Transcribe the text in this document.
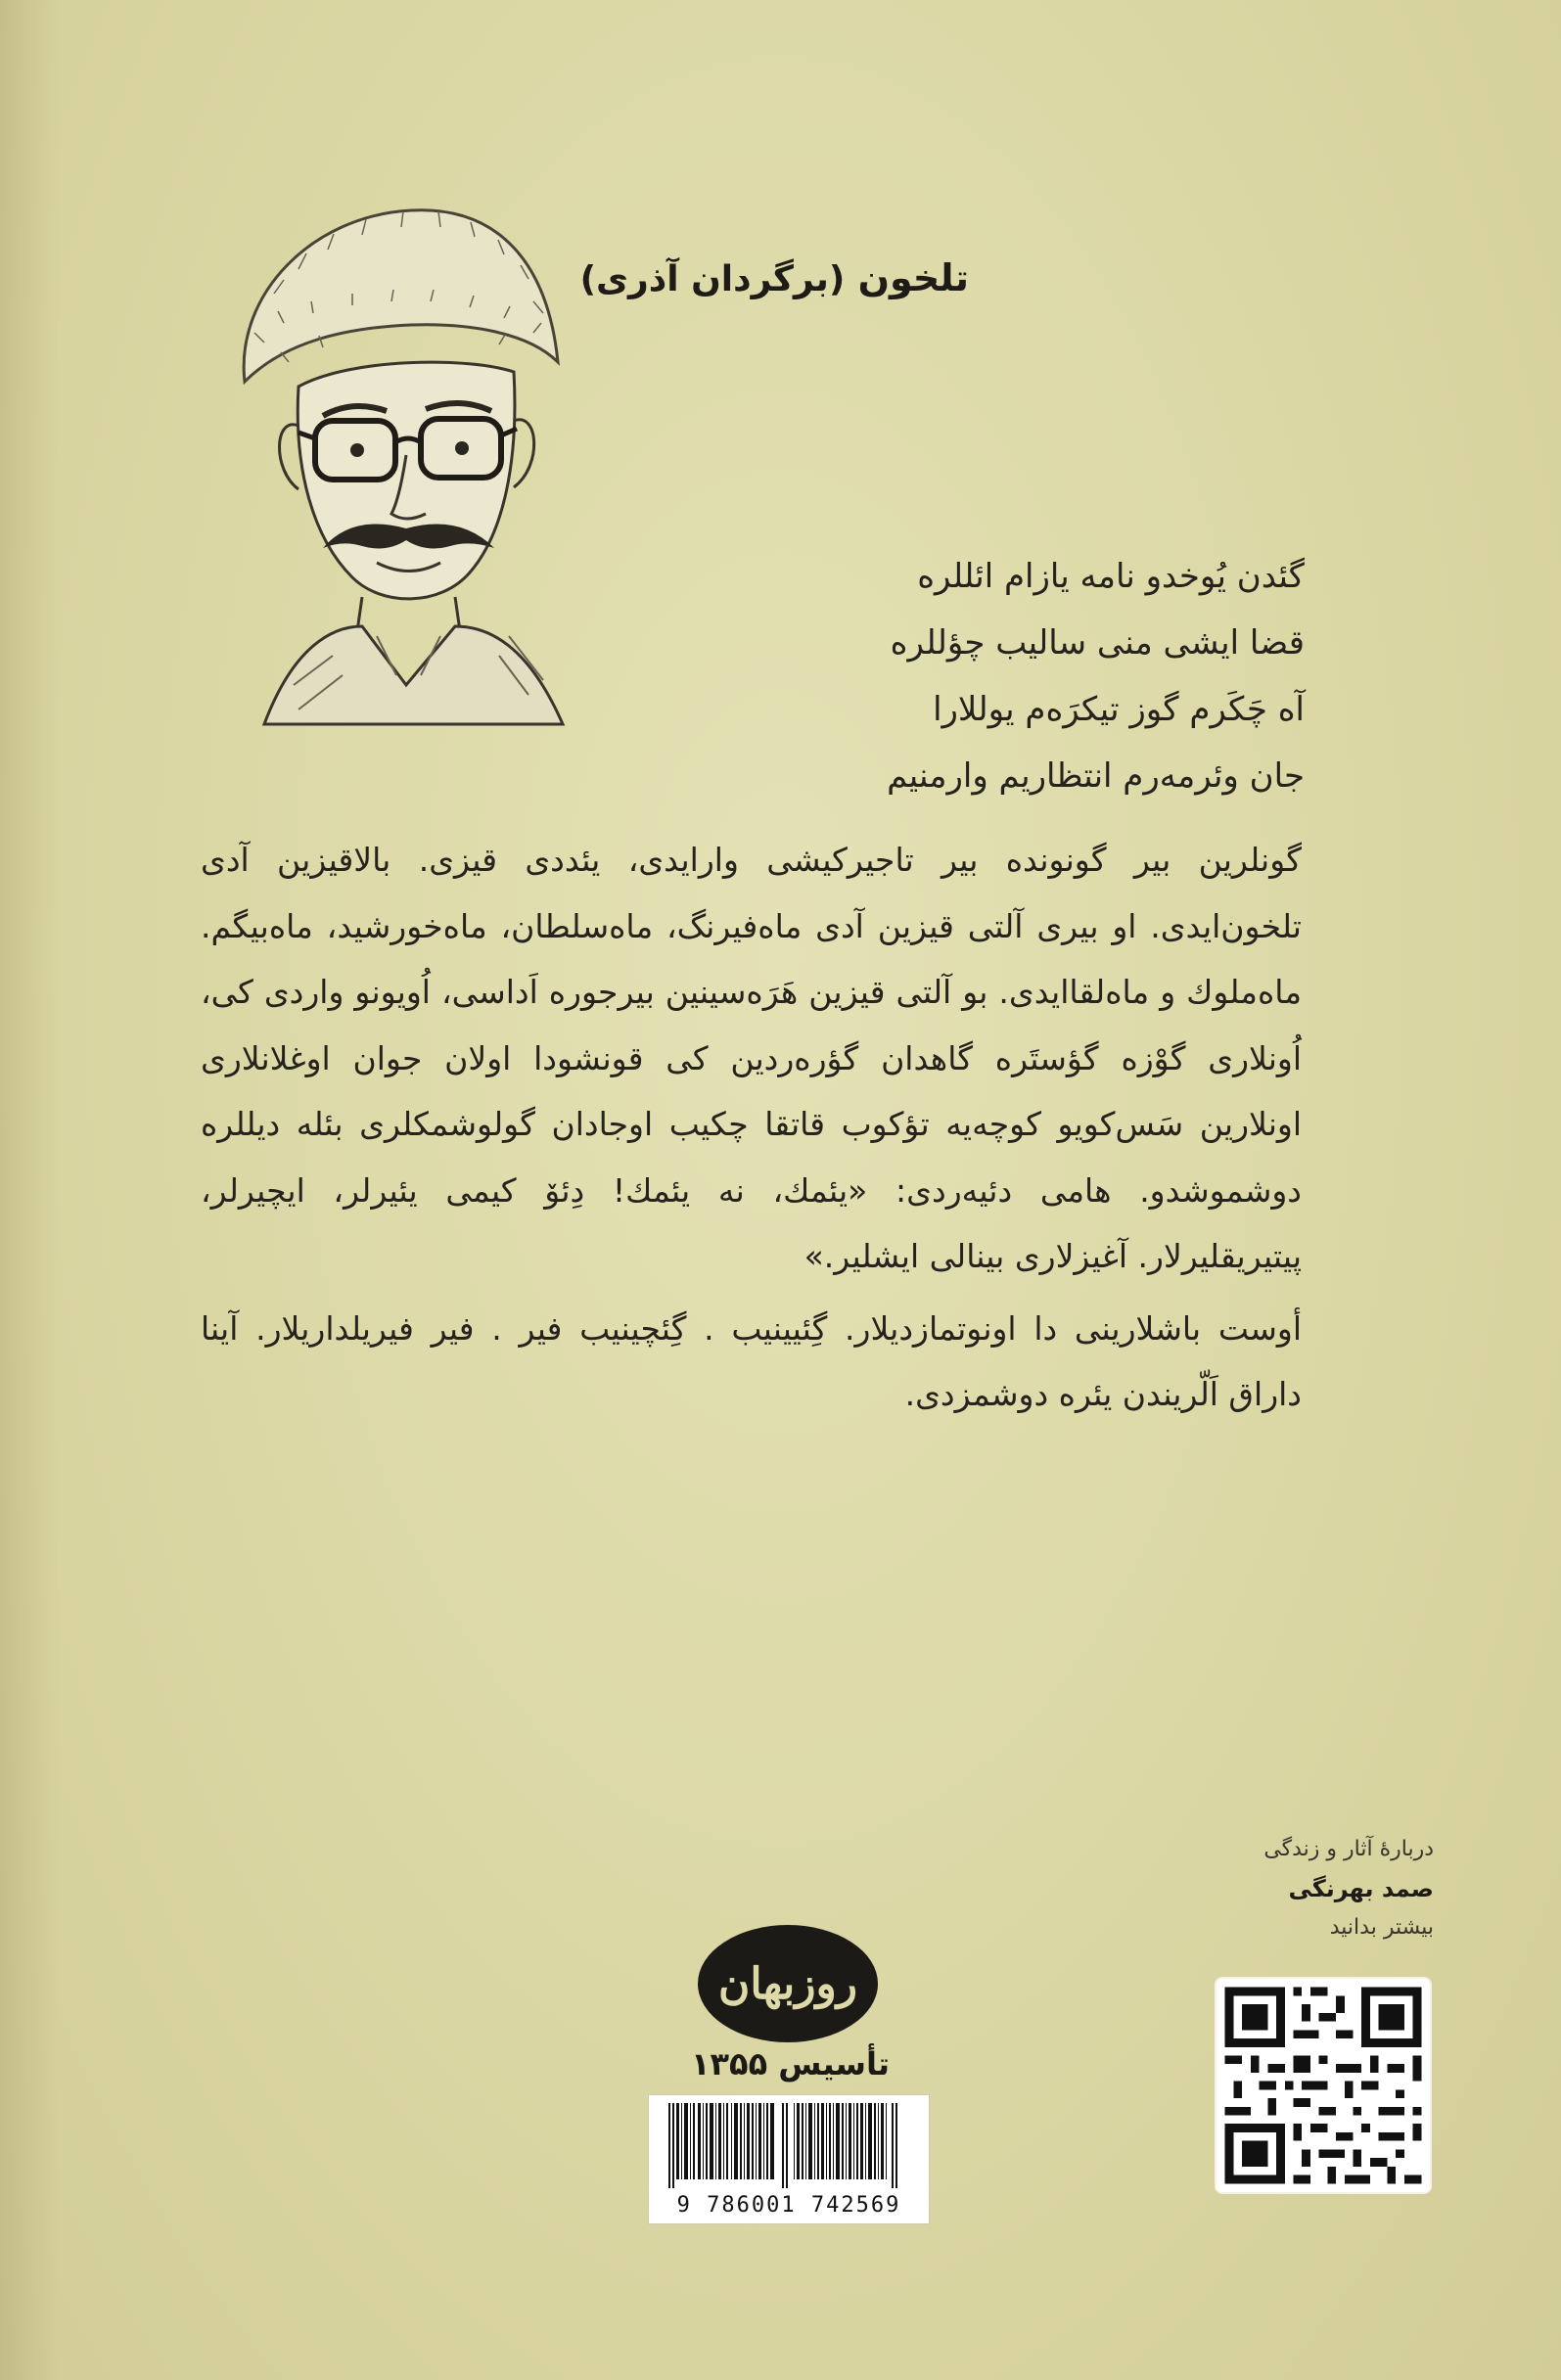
تلخون (برگردان آذری)
گئدن یُوخدو نامه یازام ائللره
قضا ایشی منی سالیب چؤللره
آه چَکَرم گوز تیکرَه‌م یوللارا
جان وئرمه‌رم انتظاریم وارمنیم

گونلرین بیر گونونده بیر تاجیرکیشی وارایدی، یئددی قیزی. بالاقیزین آدی تلخون‌ایدی. او بیری آلتی قیزین آدی ماه‌فیرنگ، ماه‌سلطان، ماه‌خورشید، ماه‌بیگم. ماه‌ملوك و ماه‌لقاایدی. بو آلتی قیزین هَرَه‌سینین بیرجوره اَداسی، اُویونو واردی کی، اُونلاری گوْزه گؤستَره گاهدان گؤره‌ردین کی قونشودا اولان جوان اوغلانلاری اونلارین سَس‌کویو کوچه‌یه تؤکوب قاتقا چکیب اوجادان گولوشمکلری بئله دیللره دوشموشدو. هامی دئیه‌ردی: «یئمك، نه یئمك! دِئۆ کیمی یئیرلر، ایچیرلر، پیتیریقلیرلار. آغیزلاری بینالی ایشلیر.»

أوست باشلارینی دا اونوتمازدیلار. گِئیینیب . گِئچینیب فیر . فیر فیریلداریلار. آینا داراق اَلّریندن یئره دوشمزدی.

دربارهٔ آثار و زندگی
صمد بهرنگی
بیشتر بدانید
روزبهان
تأسیس ۱۳۵۵
9 786001 742569
